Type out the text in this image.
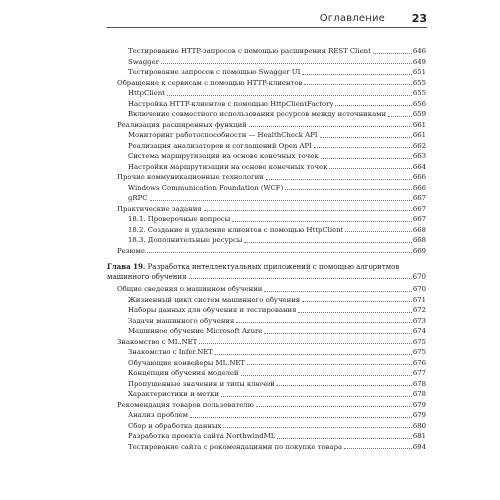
Оглавление 23
Тестирование HTTP-запросов с помощью расширения REST Client	646
Swagger	649
Тестирование запросов с помощью Swagger UI	651
Обращение к сервисам с помощью HTTP-клиентов	655
HttpClient	655
Настройка HTTP-клиентов с помощью HttpClientFactory	656
Включение совместного использования ресурсов между источниками	659
Реализация расширенных функций	661
Мониторинг работоспособности — HealthCheck API	661
Реализация анализаторов и соглашений Open API	662
Система маршрутизации на основе конечных точек	663
Настройки маршрутизации на основе конечных точек	664
Прочие коммуникационные технологии	666
Windows Communication Foundation (WCF)	666
gRPC	667
Практические задания	667
18.1. Проверочные вопросы	667
18.2. Создание и удаление клиентов с помощью HttpClient	668
18.3. Дополнительные ресурсы	668
Резюме	669
Глава 19. Разработка интеллектуальных приложений с помощью алгоритмов
машинного обучения	670
Общие сведения о машинном обучении	670
Жизненный цикл систем машинного обучения	671
Наборы данных для обучения и тестирования	672
Задачи машинного обучения	673
Машинное обучение Microsoft Azure	674
Знакомство с ML.NET	675
Знакомство с Infer.NET	675
Обучающие конвейеры ML.NET	676
Концепции обучения моделей	677
Пропущенные значения и типы ключей	678
Характеристики и метки	678
Рекомендация товаров пользователю	679
Анализ проблем	679
Сбор и обработка данных	680
Разработка проекта сайта NorthwindML	681
Тестирование сайта с рекомендациями по покупке товара	694
